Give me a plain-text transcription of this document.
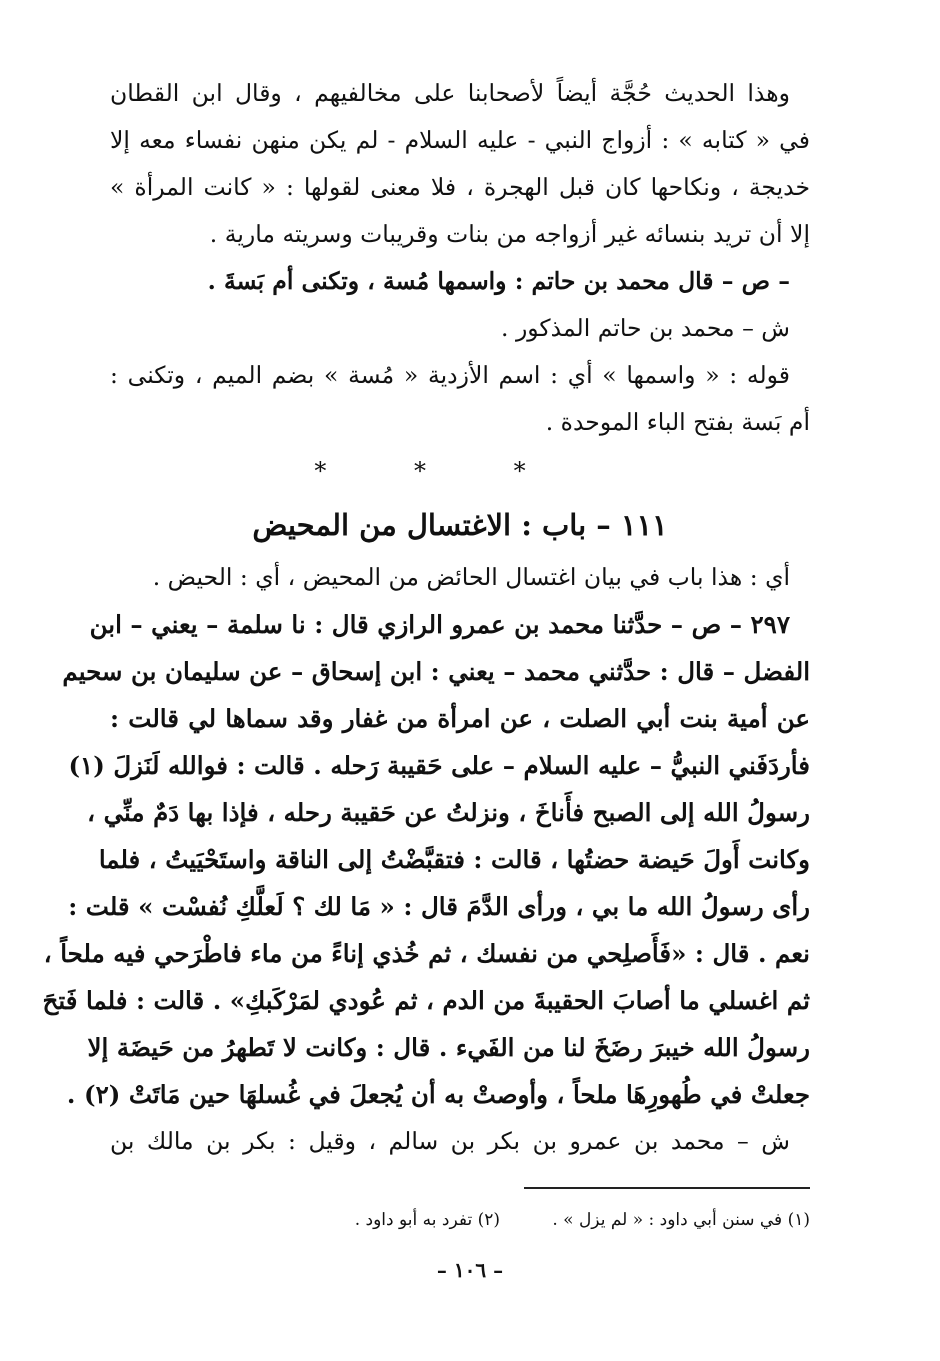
وهذا الحديث حُجَّة أيضاً لأصحابنا على مخالفيهم ، وقال ابن القطان
في « كتابه » : أزواج النبي - عليه السلام - لم يكن منهن نفساء معه إلا
خديجة ، ونكاحها كان قبل الهجرة ، فلا معنى لقولها : « كانت المرأة »
إلا أن تريد بنسائه غير أزواجه من بنات وقريبات وسريته مارية .
– ص – قال محمد بن حاتم : واسمها مُسة ، وتكنى أم بَسةَ .
ش – محمد بن حاتم المذكور .
قوله : « واسمها » أي : اسم الأزدية « مُسة » بضم الميم ، وتكنى :
أم بَسة بفتح الباء الموحدة .
* * *
١١١ – باب : الاغتسال من المحيض
أي : هذا باب في بيان اغتسال الحائض من المحيض ، أي : الحيض .
٢٩٧ – ص – حدَّثنا محمد بن عمرو الرازي قال : نا سلمة – يعني – ابن
الفضل – قال : حدَّثني محمد – يعني : ابن إسحاق – عن سليمان بن سحيم
عن أمية بنت أبي الصلت ، عن امرأة من غفار وقد سماها لي قالت :
فأردَفَني النبيُّ – عليه السلام – على حَقيبة رَحله . قالت : فوالله لَنَزلَ (١)
رسولُ الله إلى الصبح فأَناخَ ، ونزلتُ عن حَقيبة رحله ، فإذا بها دَمٌ منِّي ،
وكانت أَولَ حَيضة حضتُها ، قالت : فتقبَّضْتُ إلى الناقة واستَحْيَيتُ ، فلما
رأى رسولُ الله ما بي ، ورأى الدَّمَ قال : « مَا لك ؟ لَعلَّكِ نُفسْت » قلت :
نعم . قال : «فَأَصلِحي من نفسك ، ثم خُذي إناءً من ماء فاطْرَحي فيه ملحاً ،
ثم اغسلي ما أصابَ الحقيبةَ من الدم ، ثم عُودي لمَرْكَبكِ» . قالت : فلما فَتحَ
رسولُ الله خيبرَ رضَخَ لنا من الفَيء . قال : وكانت لا تَطهرُ من حَيضَة إلا
جعلتْ في طُهورِهَا ملحاً ، وأوصتْ به أن يُجعلَ في غُسلهَا حين مَاتَتْ (٢) .
ش – محمد بن عمرو بن بكر بن سالم ، وقيل : بكر بن مالك بن
(١) في سنن أبي داود : « لم يزل » .
(٢) تفرد به أبو داود .
– ١٠٦ –
